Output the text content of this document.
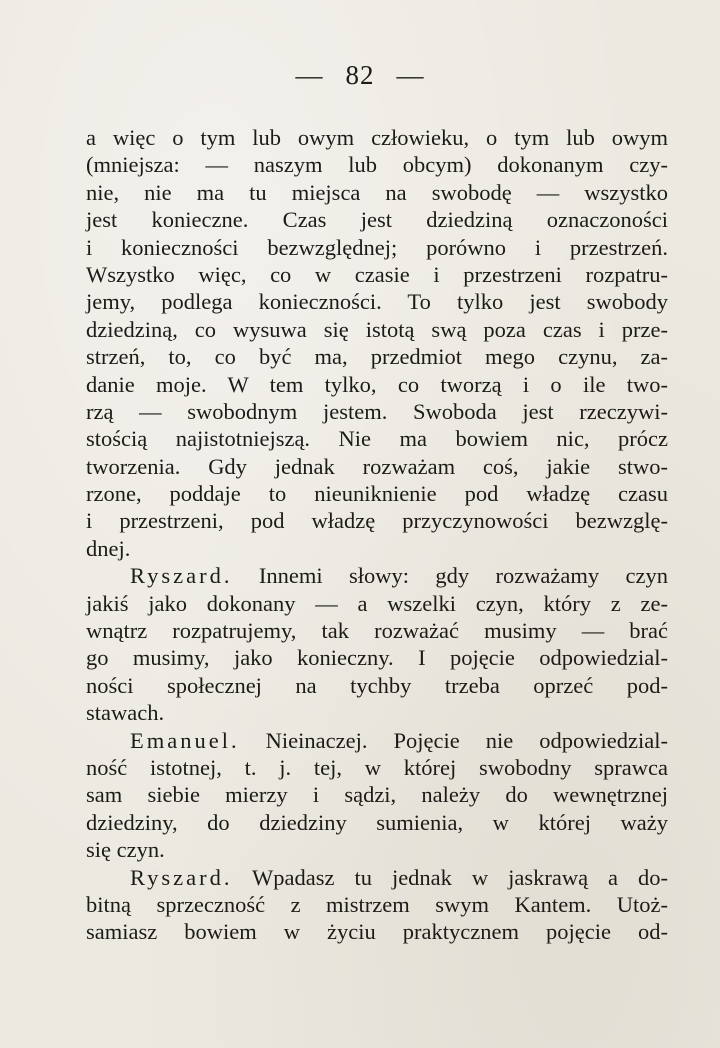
— 82 —
a więc o tym lub owym człowieku, o tym lub owym
(mniejsza: — naszym lub obcym) dokonanym czy-
nie, nie ma tu miejsca na swobodę — wszystko
jest konieczne. Czas jest dziedziną oznaczoności
i konieczności bezwzględnej; porówno i przestrzeń.
Wszystko więc, co w czasie i przestrzeni rozpatru-
jemy, podlega konieczności. To tylko jest swobody
dziedziną, co wysuwa się istotą swą poza czas i prze-
strzeń, to, co być ma, przedmiot mego czynu, za-
danie moje. W tem tylko, co tworzą i o ile two-
rzą — swobodnym jestem. Swoboda jest rzeczywi-
stością najistotniejszą. Nie ma bowiem nic, prócz
tworzenia. Gdy jednak rozważam coś, jakie stwo-
rzone, poddaje to nieuniknienie pod władzę czasu
i przestrzeni, pod władzę przyczynowości bezwzglę-
dnej.
Ryszard. Innemi słowy: gdy rozważamy czyn
jakiś jako dokonany — a wszelki czyn, który z ze-
wnątrz rozpatrujemy, tak rozważać musimy — brać
go musimy, jako konieczny. I pojęcie odpowiedzial-
ności społecznej na tychby trzeba oprzeć pod-
stawach.
Emanuel. Nieinaczej. Pojęcie nie odpowiedzial-
ność istotnej, t. j. tej, w której swobodny sprawca
sam siebie mierzy i sądzi, należy do wewnętrznej
dziedziny, do dziedziny sumienia, w której waży
się czyn.
Ryszard. Wpadasz tu jednak w jaskrawą a do-
bitną sprzeczność z mistrzem swym Kantem. Utoż-
samiasz bowiem w życiu praktycznem pojęcie od-
